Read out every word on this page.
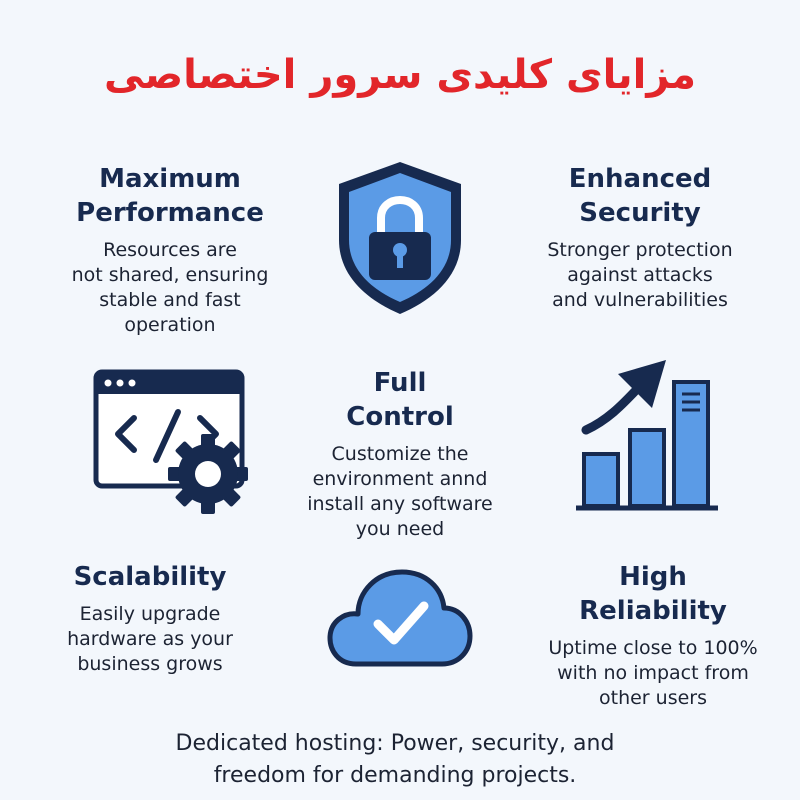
مزایای کلیدی سرور اختصاصی
Maximum
Performance

Resources are
not shared, ensuring
stable and fast
operation

Enhanced
Security

Stronger protection
against attacks
and vulnerabilities

Full
Control

Customize the
environment annd
install any software
you need

Scalability

Easily upgrade
hardware as your
business grows

High
Reliability

Uptime close to 100%
with no impact from
other users

Dedicated hosting: Power, security, and
freedom for demanding projects.
